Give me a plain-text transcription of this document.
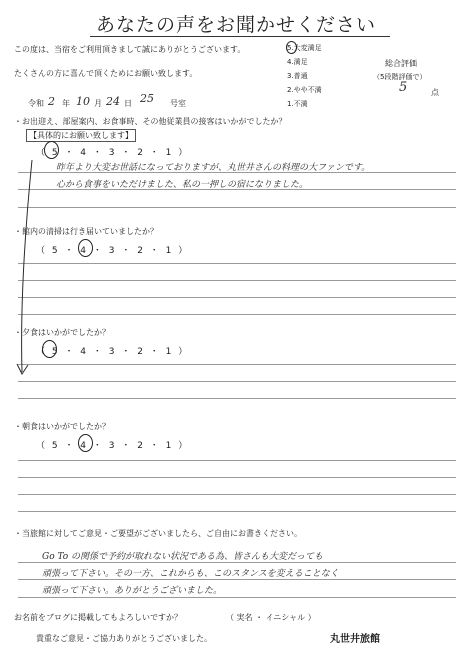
あなたの声をお聞かせください
この度は、当宿をご利用頂きまして誠にありがとうございます。
たくさんの方に喜んで頂くためにお願い致します。
5.大変満足
4.満足
3.普通
2.やや不満
1.不満
総合評価
（5段階評価で）
5	点
令和 2 年 10 月 24 日 25 号室
・お出迎え、部屋案内、お食事時、その他従業員の接客はいかがでしたか？
【具体的にお願い致します】
（ 5 ・ 4 ・ 3 ・ 2 ・ 1 ）
昨年より大変お世話になっておりますが、丸世井さんの料理の大ファンです。
心から食事をいただけました、私の一押しの宿になりました。
・館内の清掃は行き届いていましたか？
（ 5 ・ 4 ・ 3 ・ 2 ・ 1 ）
・夕食はいかがでしたか？
（ 5 ・ 4 ・ 3 ・ 2 ・ 1 ）
・朝食はいかがでしたか？
（ 5 ・ 4 ・ 3 ・ 2 ・ 1 ）
・当旅館に対してご意見・ご要望がございましたら、ご自由にお書きください。
Go To の関係で予約が取れない状況である為、皆さんも大変だっても
頑張って下さい。その一方、これからも、このスタンスを変えることなく
頑張って下さい。ありがとうございました。
お名前をブログに掲載してもよろしいですか？	（ 実名 ・ イニシャル ）
貴重なご意見・ご協力ありがとうございました。	丸世井旅館
